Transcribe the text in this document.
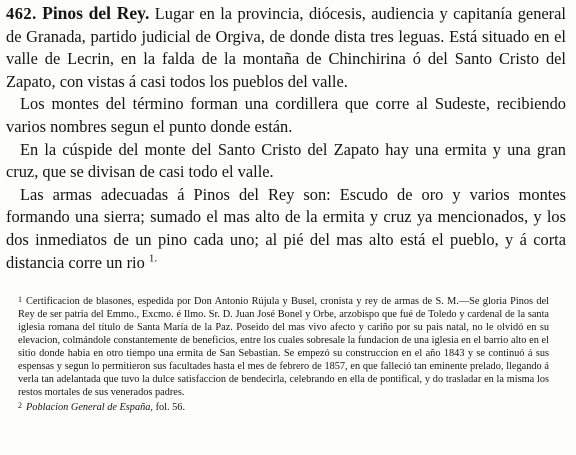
462. Pinos del Rey. Lugar en la provincia, diócesis, audiencia y capitanía general de Granada, partido judicial de Orgiva, de donde dista tres leguas. Está situado en el valle de Lecrin, en la falda de la montaña de Chinchirina ó del Santo Cristo del Zapato, con vistas á casi todos los pueblos del valle.

Los montes del término forman una cordillera que corre al Sudeste, recibiendo varios nombres segun el punto donde están.

En la cúspide del monte del Santo Cristo del Zapato hay una ermita y una gran cruz, que se divisan de casi todo el valle.

Las armas adecuadas á Pinos del Rey son: Escudo de oro y varios montes formando una sierra; sumado el mas alto de la ermita y cruz ya mencionados, y los dos inmediatos de un pino cada uno; al pié del mas alto está el pueblo, y á corta distancia corre un rio $^{1.}$

1 Certificacion de blasones, espedida por Don Antonio Rújula y Busel, cronista y rey de armas de S. M.—Se gloria Pinos del Rey de ser patria del Emmo., Excmo. é Ilmo. Sr. D. Juan José Bonel y Orbe, arzobispo que fué de Toledo y cardenal de la santa iglesia romana del título de Santa María de la Paz. Poseido del mas vivo afecto y cariño por su pais natal, no le olvidó en su elevacion, colmándole constantemente de beneficios, entre los cuales sobresale la fundacion de una iglesia en el barrio alto en el sitio donde habia en otro tiempo una ermita de San Sebastian. Se empezó su construccion en el año 1843 y se continuó á sus espensas y segun lo permitieron sus facultades hasta el mes de febrero de 1857, en que falleció tan eminente prelado, llegando á verla tan adelantada que tuvo la dulce satisfaccion de bendecirla, celebrando en ella de pontifical, y do trasladar en la misma los restos mortales de sus venerados padres.

2 Poblacion General de España, fol. 56.
